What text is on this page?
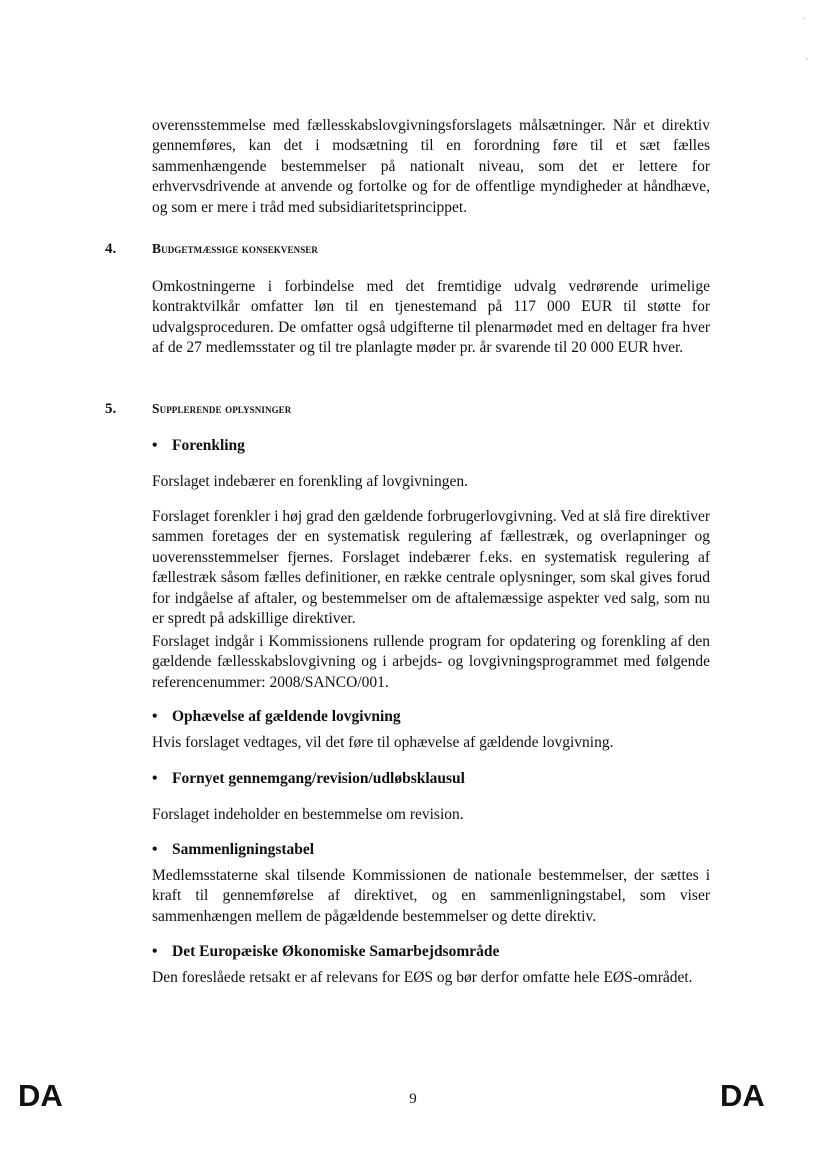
'
,

overensstemmelse med fællesskabslovgivningsforslagets målsætninger. Når et direktiv gennemføres, kan det i modsætning til en forordning føre til et sæt fælles sammenhængende bestemmelser på nationalt niveau, som det er lettere for erhvervsdrivende at anvende og fortolke og for de offentlige myndigheder at håndhæve, og som er mere i tråd med subsidiaritetsprincippet.

4.	Budgetmæssige konsekvenser

Omkostningerne i forbindelse med det fremtidige udvalg vedrørende urimelige kontraktvilkår omfatter løn til en tjenestemand på 117 000 EUR til støtte for udvalgsproceduren. De omfatter også udgifterne til plenarmødet med en deltager fra hver af de 27 medlemsstater og til tre planlagte møder pr. år svarende til 20 000 EUR hver.

5.	Supplerende oplysninger
• Forenkling

Forslaget indebærer en forenkling af lovgivningen.

Forslaget forenkler i høj grad den gældende forbrugerlovgivning. Ved at slå fire direktiver sammen foretages der en systematisk regulering af fællestræk, og overlapninger og uoverensstemmelser fjernes. Forslaget indebærer f.eks. en systematisk regulering af fællestræk såsom fælles definitioner, en række centrale oplysninger, som skal gives forud for indgåelse af aftaler, og bestemmelser om de aftalemæssige aspekter ved salg, som nu er spredt på adskillige direktiver.

Forslaget indgår i Kommissionens rullende program for opdatering og forenkling af den gældende fællesskabslovgivning og i arbejds- og lovgivningsprogrammet med følgende referencenummer: 2008/SANCO/001.

• Ophævelse af gældende lovgivning

Hvis forslaget vedtages, vil det føre til ophævelse af gældende lovgivning.

• Fornyet gennemgang/revision/udløbsklausul

Forslaget indeholder en bestemmelse om revision.

• Sammenligningstabel

Medlemsstaterne skal tilsende Kommissionen de nationale bestemmelser, der sættes i kraft til gennemførelse af direktivet, og en sammenligningstabel, som viser sammenhængen mellem de pågældende bestemmelser og dette direktiv.

• Det Europæiske Økonomiske Samarbejdsområde

Den foreslåede retsakt er af relevans for EØS og bør derfor omfatte hele EØS-området.

DA	9	DA
